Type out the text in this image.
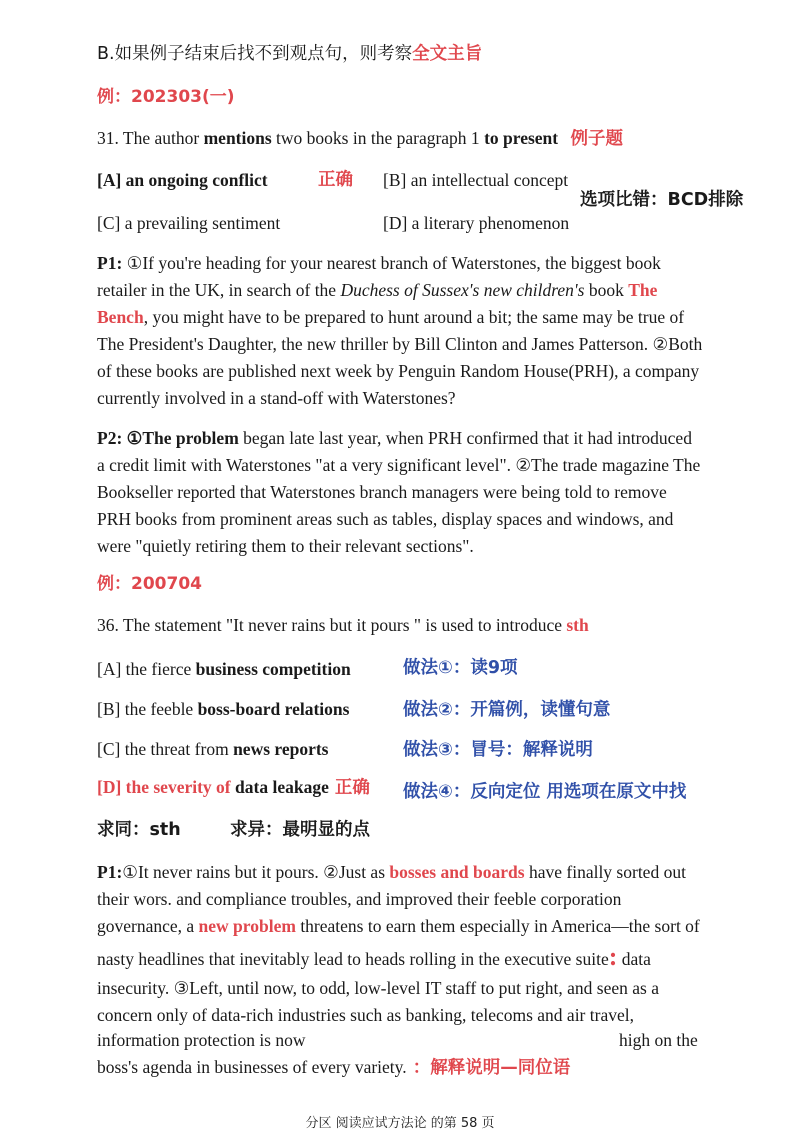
B.如果例子结束后找不到观点句，则考察全文主旨
例：202303(一)
31. The author mentions two books in the paragraph 1 to present 例子题
[A] an ongoing conflict	正确 [B] an intellectual concept
选项比错：BCD排除
[C] a prevailing sentiment	[D] a literary phenomenon
P1: ①If you're heading for your nearest branch of Waterstones, the biggest book
retailer in the UK, in search of the Duchess of Sussex's new children's book The
Bench, you might have to be prepared to hunt around a bit; the same may be true of
The President's Daughter, the new thriller by Bill Clinton and James Patterson. ②Both
of these books are published next week by Penguin Random House(PRH), a company
currently involved in a stand-off with Waterstones?
P2: ①The problem began late last year, when PRH confirmed that it had introduced
a credit limit with Waterstones "at a very significant level". ②The trade magazine The
Bookseller reported that Waterstones branch managers were being told to remove
PRH books from prominent areas such as tables, display spaces and windows, and
were "quietly retiring them to their relevant sections".
例：200704
36. The statement "It never rains but it pours " is used to introduce sth
[A] the fierce business competition	做法①：读9项
[B] the feeble boss-board relations	做法②：开篇例，读懂句意
[C] the threat from news reports	做法③：冒号：解释说明
[D] the severity of data leakage 正确 做法④：反向定位 用选项在原文中找
求同：sth	求异：最明显的点
P1:①It never rains but it pours. ②Just as bosses and boards have finally sorted out
their wors. and compliance troubles, and improved their feeble corporation
governance, a new problem threatens to earn them especially in America—the sort of
nasty headlines that inevitably lead to heads rolling in the executive suite: data
insecurity. ③Left, until now, to odd, low-level IT staff to put right, and seen as a
concern only of data-rich industries such as banking, telecoms and air travel,
information protection is now	high on the
boss's agenda in businesses of every variety. ：解释说明—同位语
分区 阅读应试方法论 的第 58 页
